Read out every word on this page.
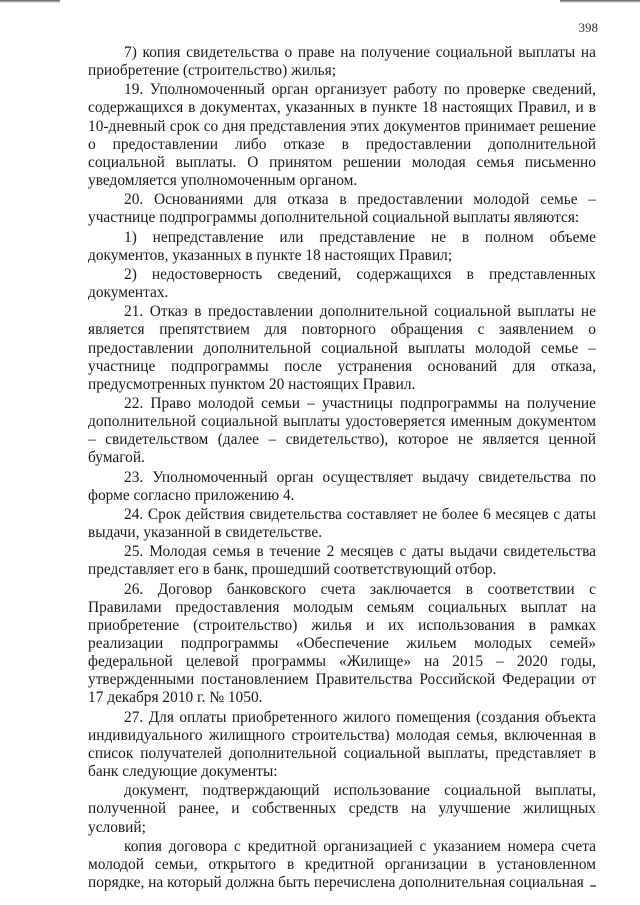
398

7) копия свидетельства о праве на получение социальной выплаты на приобретение (строительство) жилья;

19. Уполномоченный орган организует работу по проверке сведений, содержащихся в документах, указанных в пункте 18 настоящих Правил, и в 10-дневный срок со дня представления этих документов принимает решение о предоставлении либо отказе в предоставлении дополнительной социальной выплаты. О принятом решении молодая семья письменно уведомляется уполномоченным органом.

20. Основаниями для отказа в предоставлении молодой семье – участнице подпрограммы дополнительной социальной выплаты являются:

1) непредставление или представление не в полном объеме документов, указанных в пункте 18 настоящих Правил;

2) недостоверность сведений, содержащихся в представленных документах.

21. Отказ в предоставлении дополнительной социальной выплаты не является препятствием для повторного обращения с заявлением о предоставлении дополнительной социальной выплаты молодой семье – участнице подпрограммы после устранения оснований для отказа, предусмотренных пунктом 20 настоящих Правил.

22. Право молодой семьи – участницы подпрограммы на получение дополнительной социальной выплаты удостоверяется именным документом – свидетельством (далее – свидетельство), которое не является ценной бумагой.

23. Уполномоченный орган осуществляет выдачу свидетельства по форме согласно приложению 4.

24. Срок действия свидетельства составляет не более 6 месяцев с даты выдачи, указанной в свидетельстве.

25. Молодая семья в течение 2 месяцев с даты выдачи свидетельства представляет его в банк, прошедший соответствующий отбор.

26. Договор банковского счета заключается в соответствии с Правилами предоставления молодым семьям социальных выплат на приобретение (строительство) жилья и их использования в рамках реализации подпрограммы «Обеспечение жильем молодых семей» федеральной целевой программы «Жилище» на 2015 – 2020 годы, утвержденными постановлением Правительства Российской Федерации от 17 декабря 2010 г. № 1050.

27. Для оплаты приобретенного жилого помещения (создания объекта индивидуального жилищного строительства) молодая семья, включенная в список получателей дополнительной социальной выплаты, представляет в банк следующие документы:

документ, подтверждающий использование социальной выплаты, полученной ранее, и собственных средств на улучшение жилищных условий;

копия договора с кредитной организацией с указанием номера счета молодой семьи, открытого в кредитной организации в установленном порядке, на который должна быть перечислена дополнительная социальная
